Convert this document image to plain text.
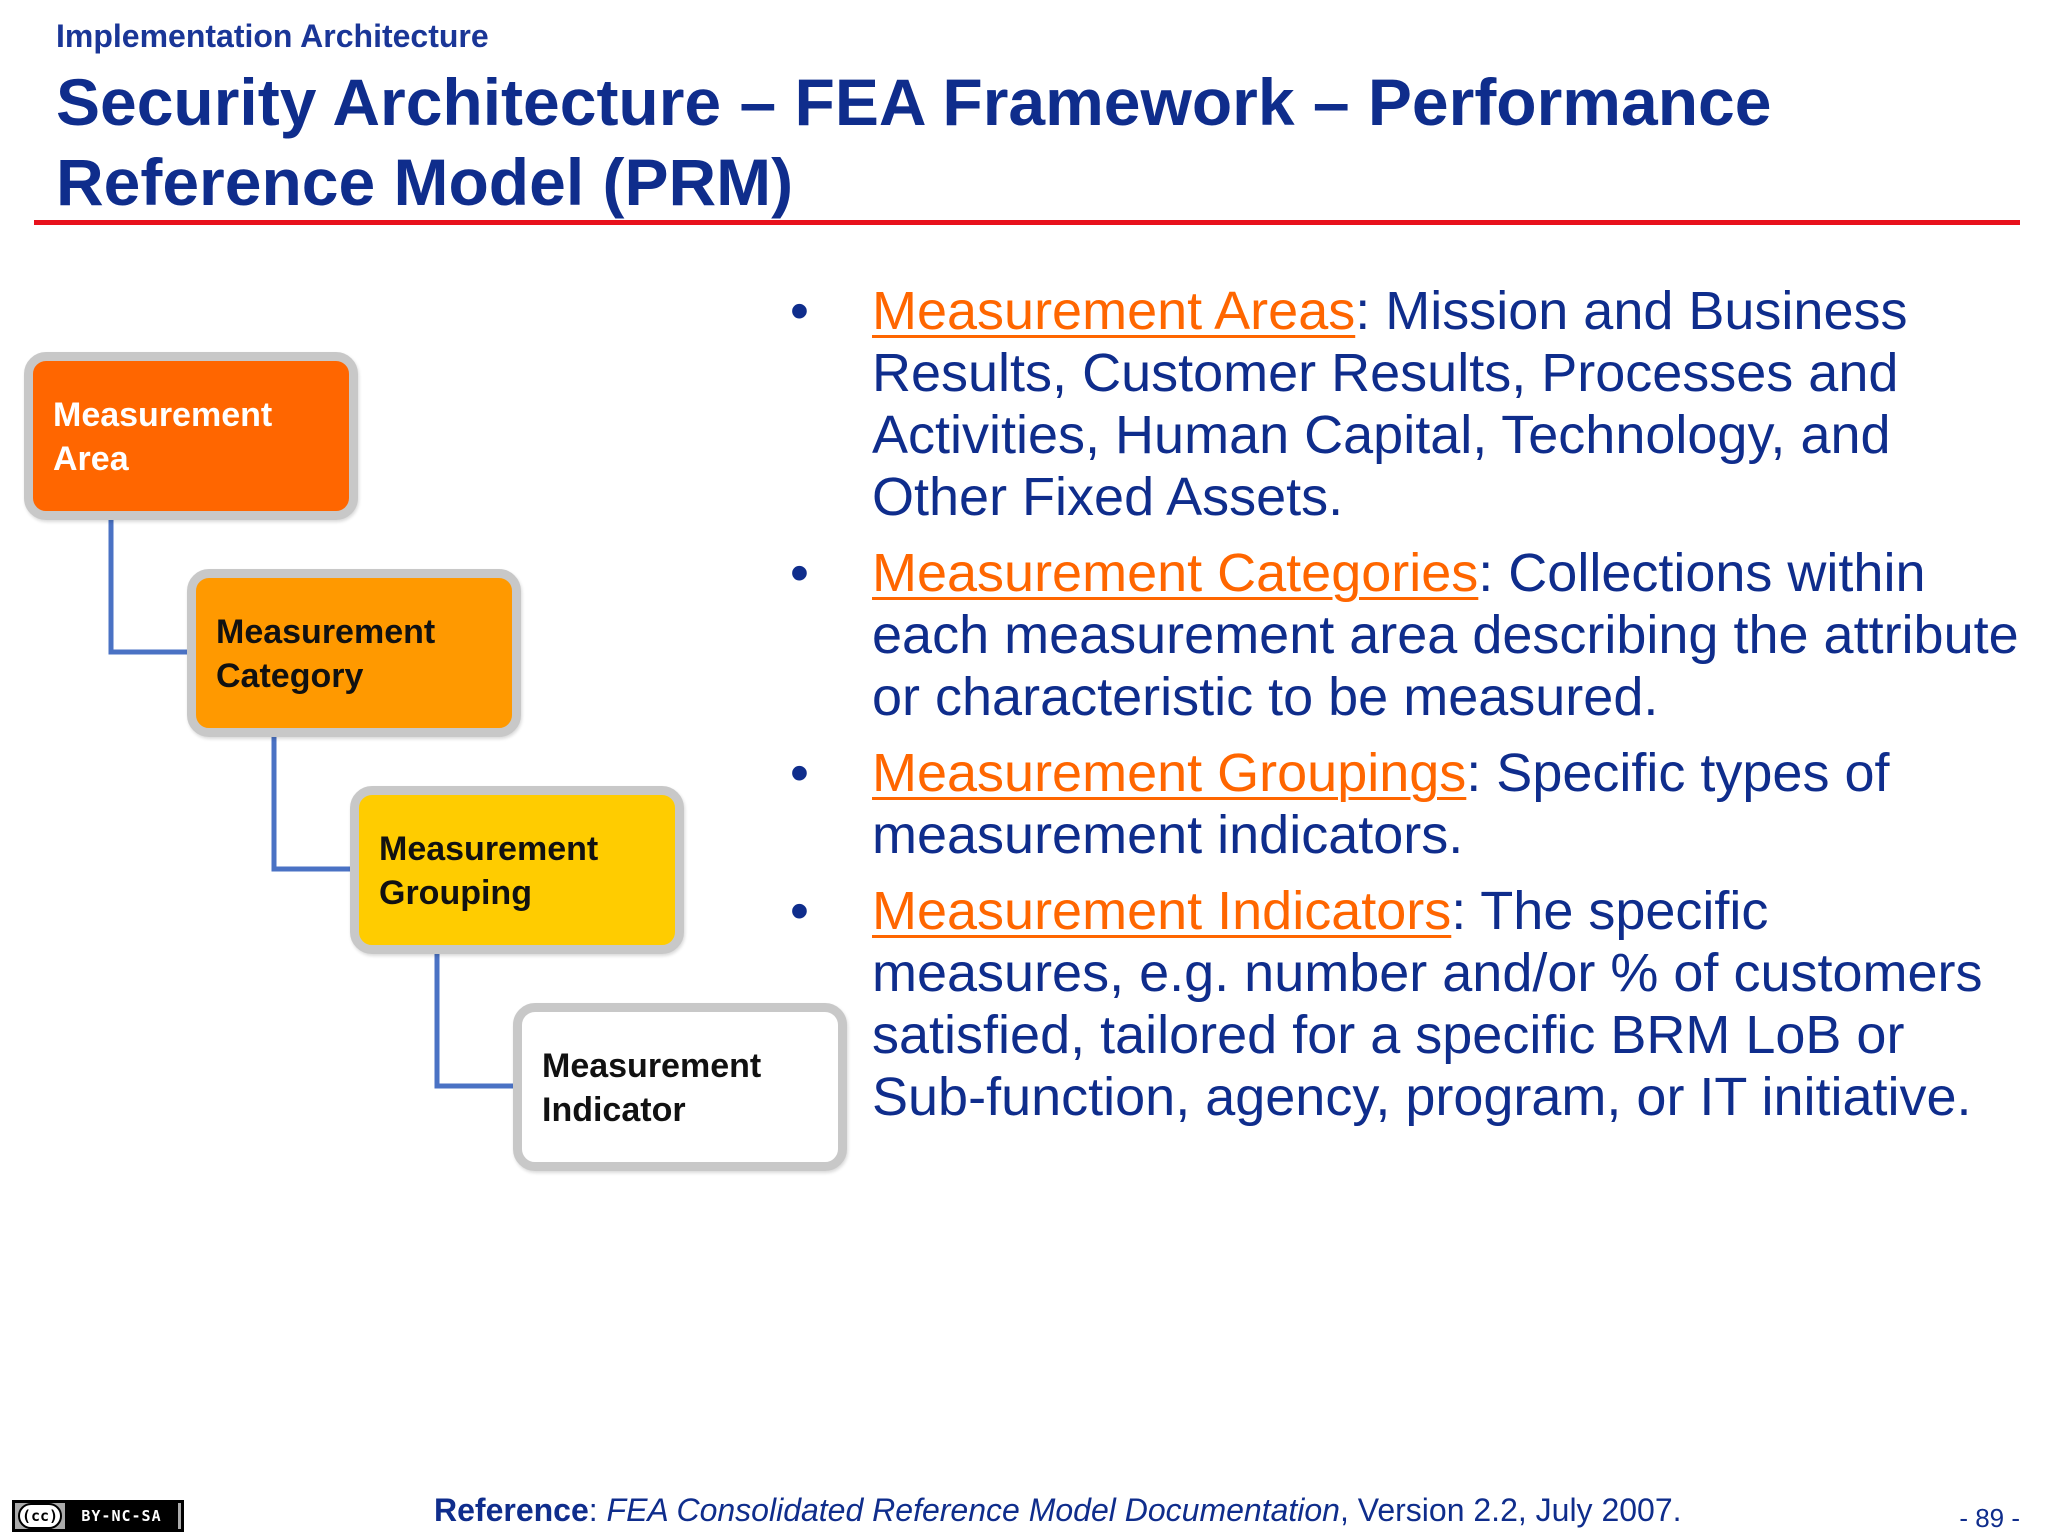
Implementation Architecture
Security Architecture – FEA Framework – Performance Reference Model (PRM)
Measurement
Area
Measurement
Category
Measurement
Grouping
Measurement
Indicator
• Measurement Areas: Mission and Business Results, Customer Results, Processes and Activities, Human Capital, Technology, and Other Fixed Assets.
• Measurement Categories: Collections within each measurement area describing the attribute or characteristic to be measured.
• Measurement Groupings: Specific types of measurement indicators.
• Measurement Indicators: The specific measures, e.g. number and/or % of customers satisfied, tailored for a specific BRM LoB or Sub-function, agency, program, or IT initiative.
(cc)	BY-NC-SA	Reference: FEA Consolidated Reference Model Documentation, Version 2.2, July 2007.	- 89 -
